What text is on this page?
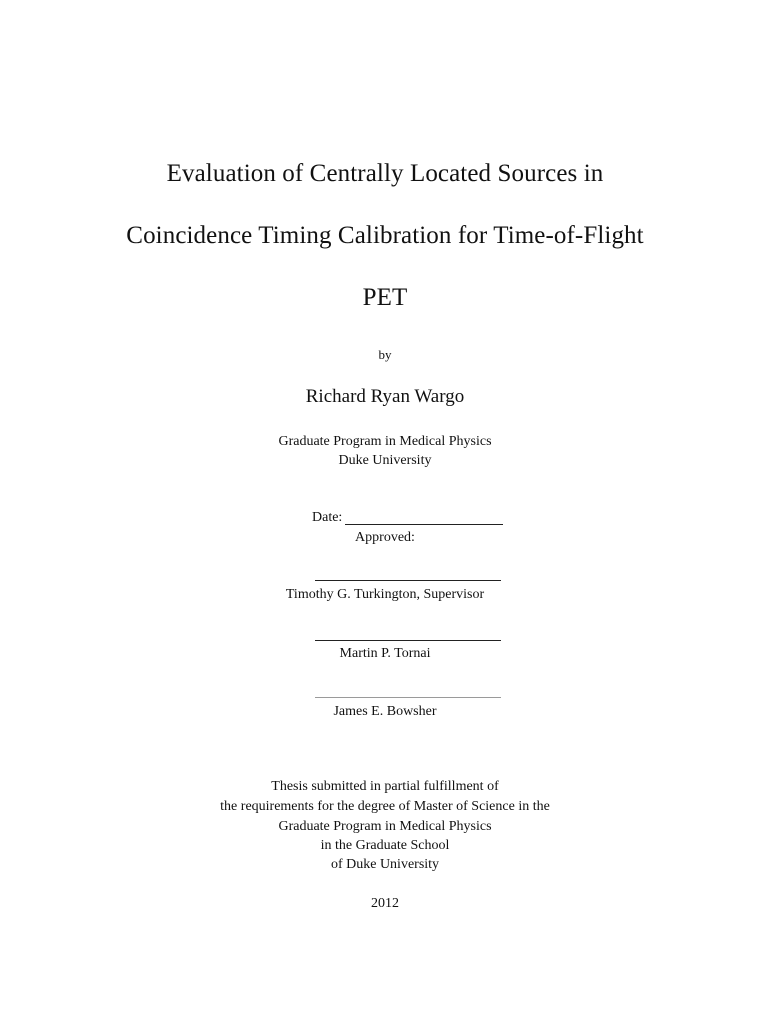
Evaluation of Centrally Located Sources in
Coincidence Timing Calibration for Time-of-Flight
PET
by
Richard Ryan Wargo
Graduate Program in Medical Physics
Duke University
Date:
Approved:
Timothy G. Turkington, Supervisor
Martin P. Tornai
James E. Bowsher
Thesis submitted in partial fulfillment of
the requirements for the degree of Master of Science in the
Graduate Program in Medical Physics
in the Graduate School
of Duke University
2012
